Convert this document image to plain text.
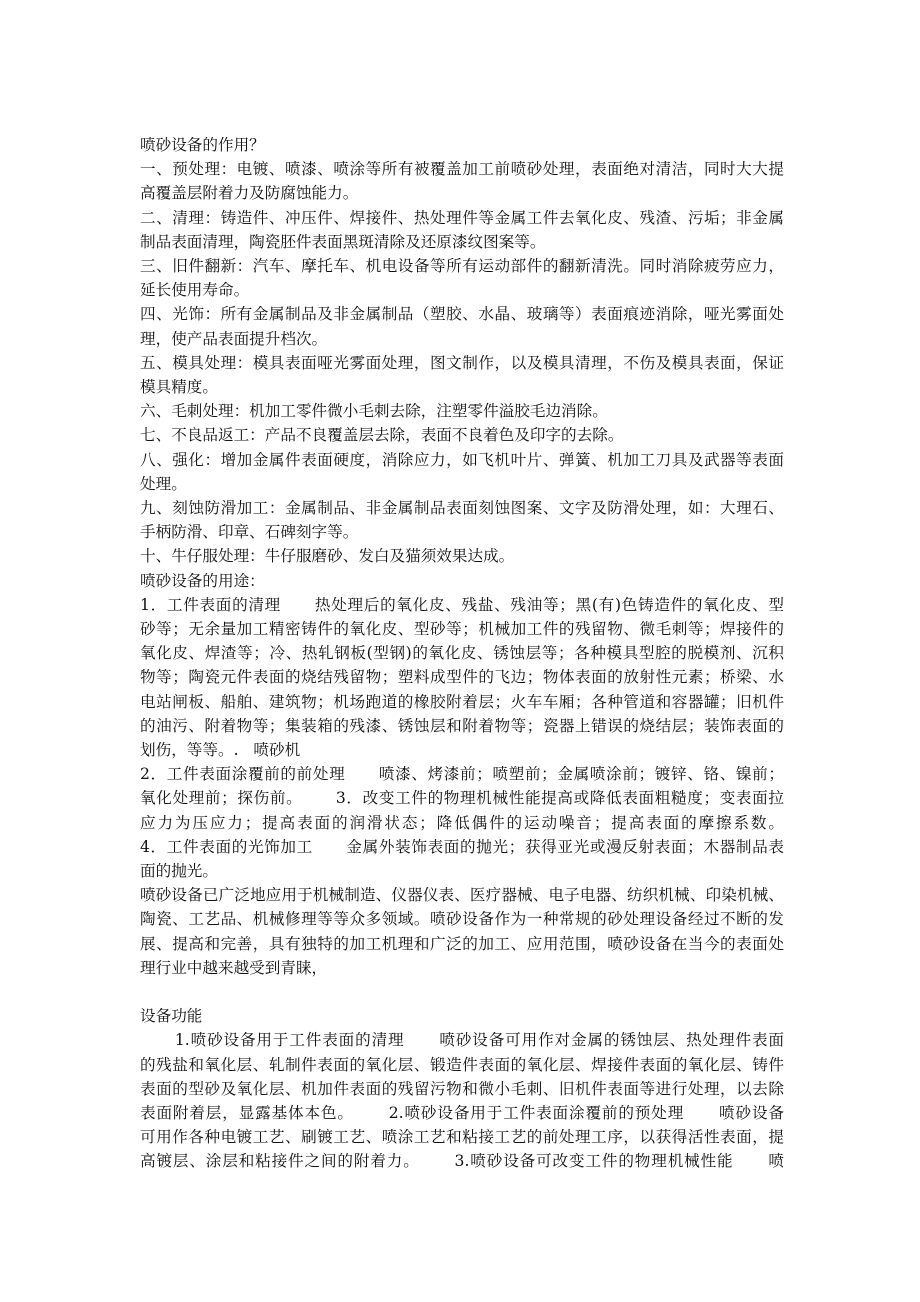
喷砂设备的作用？
一、预处理：电镀、喷漆、喷涂等所有被覆盖加工前喷砂处理，表面绝对清洁，同时大大提
高覆盖层附着力及防腐蚀能力。
二、清理：铸造件、冲压件、焊接件、热处理件等金属工件去氧化皮、残渣、污垢；非金属
制品表面清理，陶瓷胚件表面黑斑清除及还原漆纹图案等。
三、旧件翻新：汽车、摩托车、机电设备等所有运动部件的翻新清洗。同时消除疲劳应力，
延长使用寿命。
四、光饰：所有金属制品及非金属制品（塑胶、水晶、玻璃等）表面痕迹消除，哑光雾面处
理，使产品表面提升档次。
五、模具处理：模具表面哑光雾面处理，图文制作，以及模具清理，不伤及模具表面，保证
模具精度。
六、毛刺处理：机加工零件微小毛刺去除，注塑零件溢胶毛边消除。
七、不良品返工：产品不良覆盖层去除，表面不良着色及印字的去除。
八、强化：增加金属件表面硬度，消除应力，如飞机叶片、弹簧、机加工刀具及武器等表面
处理。
九、刻蚀防滑加工：金属制品、非金属制品表面刻蚀图案、文字及防滑处理，如：大理石、
手柄防滑、印章、石碑刻字等。
十、牛仔服处理：牛仔服磨砂、发白及猫须效果达成。
喷砂设备的用途：
1．工件表面的清理      热处理后的氧化皮、残盐、残油等；黑(有)色铸造件的氧化皮、型
砂等；无余量加工精密铸件的氧化皮、型砂等；机械加工件的残留物、微毛刺等；焊接件的
氧化皮、焊渣等；冷、热轧钢板(型钢)的氧化皮、锈蚀层等；各种模具型腔的脱模剂、沉积
物等；陶瓷元件表面的烧结残留物；塑料成型件的飞边；物体表面的放射性元素；桥梁、水
电站闸板、船舶、建筑物；机场跑道的橡胶附着层；火车车厢；各种管道和容器罐；旧机件
的油污、附着物等；集装箱的残漆、锈蚀层和附着物等；瓷器上错误的烧结层；装饰表面的
划伤，等等。.   喷砂机
2．工件表面涂覆前的前处理      喷漆、烤漆前；喷塑前；金属喷涂前；镀锌、铬、镍前；
氧化处理前；探伤前。      3．改变工件的物理机械性能提高或降低表面粗糙度；变表面拉
应力为压应力；提高表面的润滑状态；降低偶件的运动噪音；提高表面的摩擦系数。
4．工件表面的光饰加工      金属外装饰表面的抛光；获得亚光或漫反射表面；木器制品表
面的抛光。
喷砂设备已广泛地应用于机械制造、仪器仪表、医疗器械、电子电器、纺织机械、印染机械、
陶瓷、工艺品、机械修理等等众多领域。喷砂设备作为一种常规的砂处理设备经过不断的发
展、提高和完善，具有独特的加工机理和广泛的加工、应用范围，喷砂设备在当今的表面处
理行业中越来越受到青睐，
设备功能
1.喷砂设备用于工件表面的清理      喷砂设备可用作对金属的锈蚀层、热处理件表面
的残盐和氧化层、轧制件表面的氧化层、锻造件表面的氧化层、焊接件表面的氧化层、铸件
表面的型砂及氧化层、机加件表面的残留污物和微小毛刺、旧机件表面等进行处理，以去除
表面附着层，显露基体本色。      2.喷砂设备用于工件表面涂覆前的预处理      喷砂设备
可用作各种电镀工艺、刷镀工艺、喷涂工艺和粘接工艺的前处理工序，以获得活性表面，提
高镀层、涂层和粘接件之间的附着力。      3.喷砂设备可改变工件的物理机械性能      喷
